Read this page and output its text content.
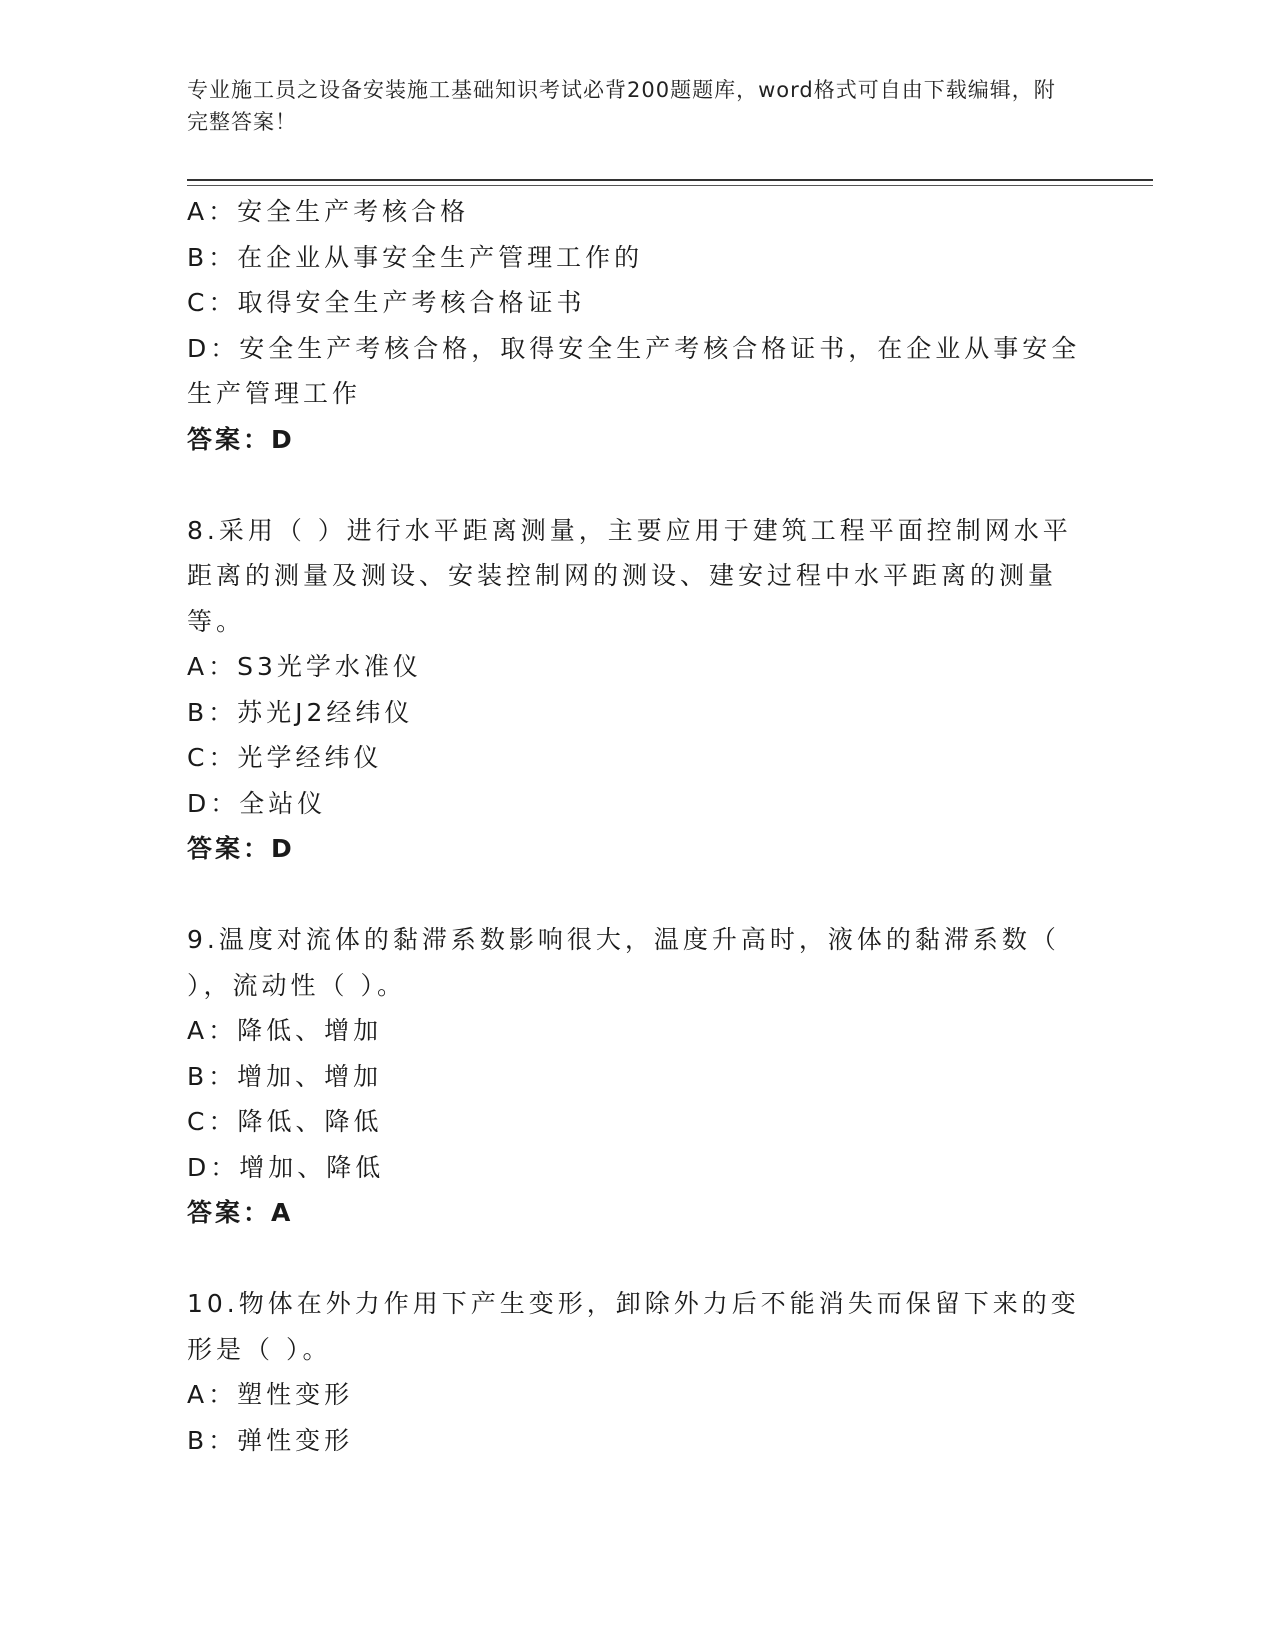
专业施工员之设备安装施工基础知识考试必背200题题库，word格式可自由下载编辑，附完整答案！
A：安全生产考核合格
B：在企业从事安全生产管理工作的
C：取得安全生产考核合格证书
D：安全生产考核合格，取得安全生产考核合格证书，在企业从事安全生产管理工作
答案：D
8.采用（ ）进行水平距离测量，主要应用于建筑工程平面控制网水平距离的测量及测设、安装控制网的测设、建安过程中水平距离的测量等。
A：S3光学水准仪
B：苏光J2经纬仪
C：光学经纬仪
D：全站仪
答案：D
9.温度对流体的黏滞系数影响很大，温度升高时，液体的黏滞系数（ ），流动性（ ）。
A：降低、增加
B：增加、增加
C：降低、降低
D：增加、降低
答案：A
10.物体在外力作用下产生变形，卸除外力后不能消失而保留下来的变形是（ ）。
A：塑性变形
B：弹性变形
